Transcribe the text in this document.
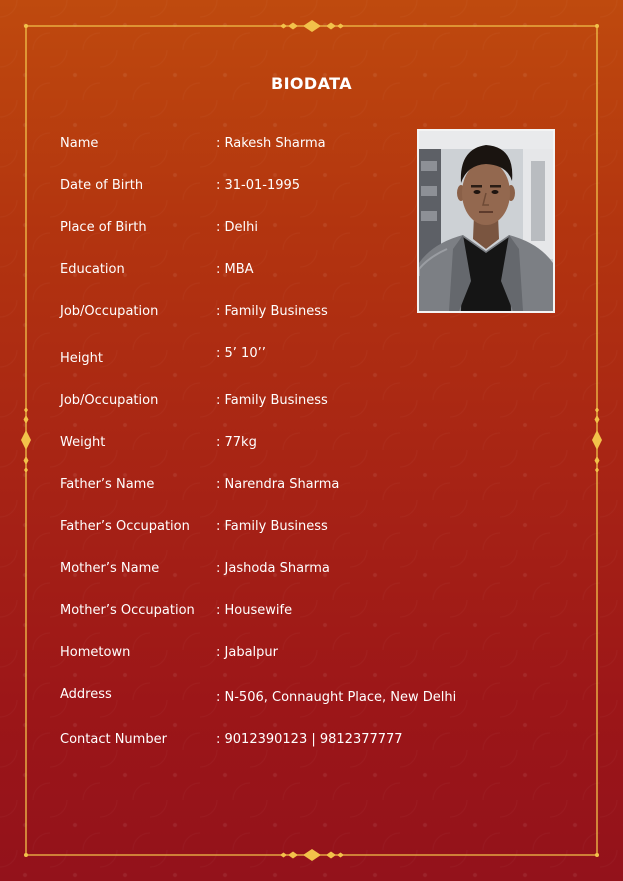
BIODATA
Name	: Rakesh Sharma
Date of Birth	: 31-01-1995
Place of Birth	: Delhi
Education	: MBA
Job/Occupation	: Family Business
Height	: 5’ 10’’
Job/Occupation	: Family Business
Weight	: 77kg
Father’s Name	: Narendra Sharma
Father’s Occupation : Family Business
Mother’s Name	: Jashoda Sharma
Mother’s Occupation : Housewife
Hometown	: Jabalpur
Address	: N-506, Connaught Place, New Delhi
Contact Number	: 9012390123 | 9812377777
